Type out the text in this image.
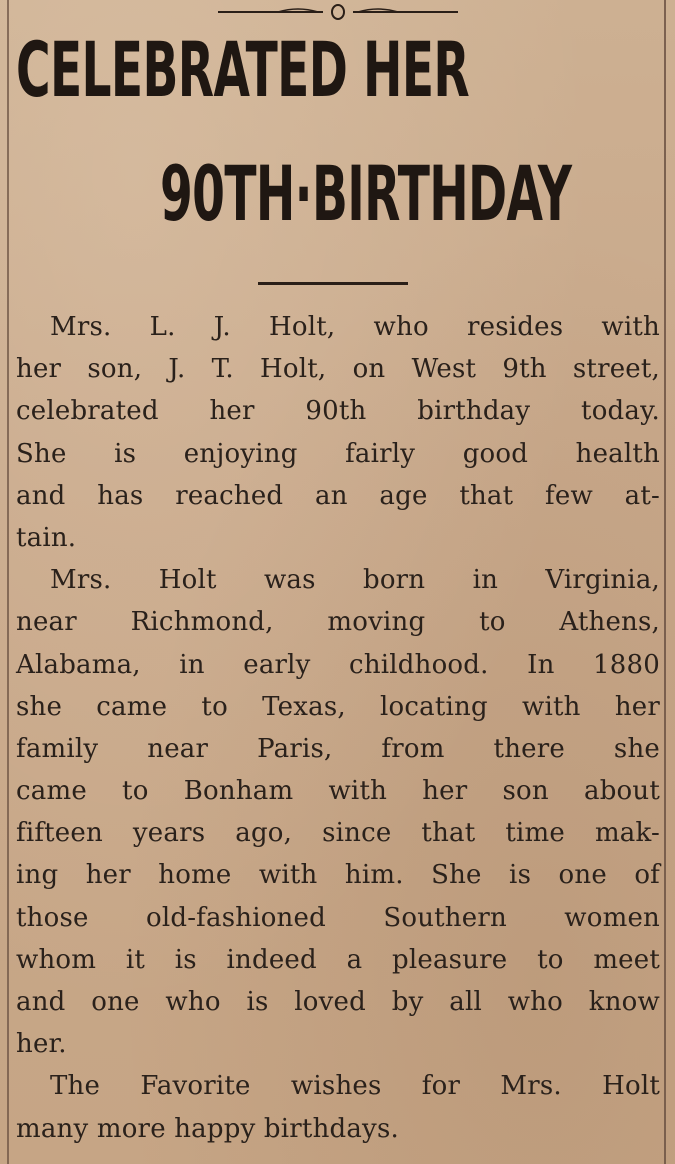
CELEBRATED HER
90TH·BIRTHDAY
Mrs. L. J. Holt, who resides with
her son, J. T. Holt, on West 9th street,
celebrated her 90th birthday today.
She is enjoying fairly good health
and has reached an age that few at-
tain.
Mrs. Holt was born in Virginia,
near Richmond, moving to Athens,
Alabama, in early childhood. In 1880
she came to Texas, locating with her
family near Paris, from there she
came to Bonham with her son about
fifteen years ago, since that time mak-
ing her home with him. She is one of
those old-fashioned Southern women
whom it is indeed a pleasure to meet
and one who is loved by all who know
her.
The Favorite wishes for Mrs. Holt
many more happy birthdays.
